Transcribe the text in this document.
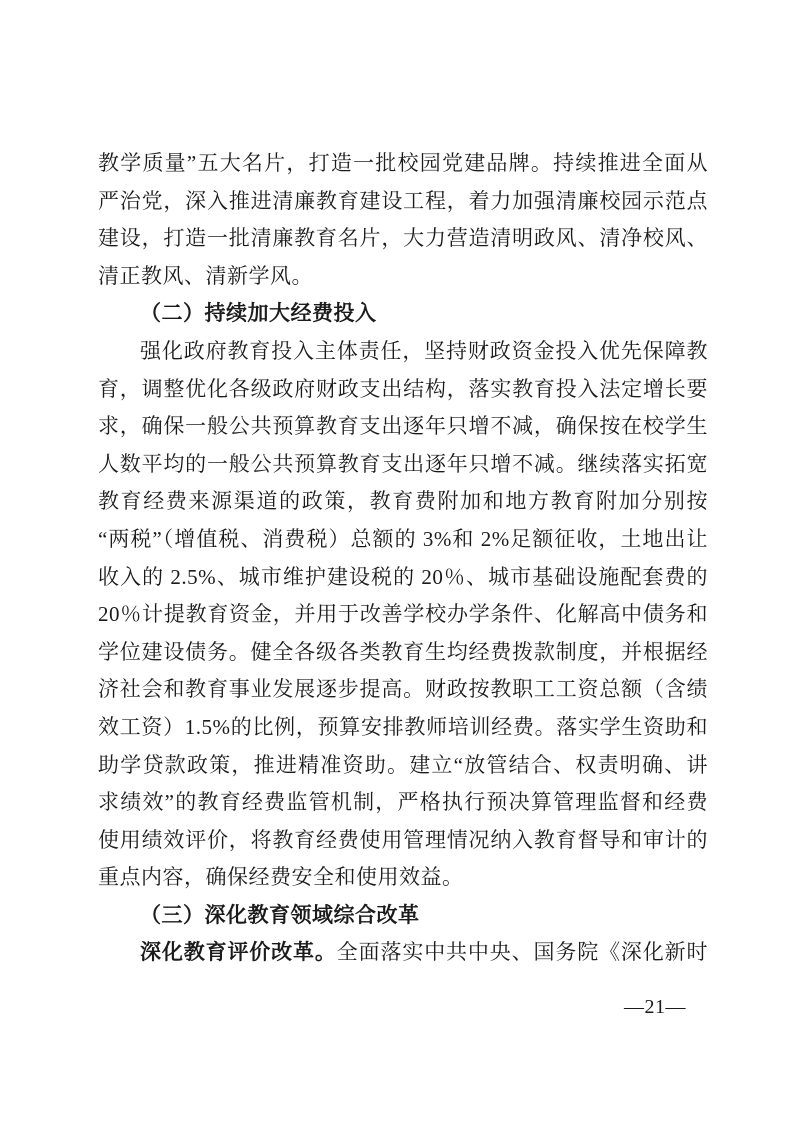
教学质量”五大名片，打造一批校园党建品牌。持续推进全面从
严治党，深入推进清廉教育建设工程，着力加强清廉校园示范点
建设，打造一批清廉教育名片，大力营造清明政风、清净校风、
清正教风、清新学风。
（二）持续加大经费投入
强化政府教育投入主体责任，坚持财政资金投入优先保障教
育，调整优化各级政府财政支出结构，落实教育投入法定增长要
求，确保一般公共预算教育支出逐年只增不减，确保按在校学生
人数平均的一般公共预算教育支出逐年只增不减。继续落实拓宽
教育经费来源渠道的政策，教育费附加和地方教育附加分别按
“两税”（增值税、消费税）总额的 3%和 2%足额征收，土地出让
收入的 2.5%、城市维护建设税的 20％、城市基础设施配套费的
20％计提教育资金，并用于改善学校办学条件、化解高中债务和
学位建设债务。健全各级各类教育生均经费拨款制度，并根据经
济社会和教育事业发展逐步提高。财政按教职工工资总额（含绩
效工资）1.5%的比例，预算安排教师培训经费。落实学生资助和
助学贷款政策，推进精准资助。建立“放管结合、权责明确、讲
求绩效”的教育经费监管机制，严格执行预决算管理监督和经费
使用绩效评价，将教育经费使用管理情况纳入教育督导和审计的
重点内容，确保经费安全和使用效益。
（三）深化教育领域综合改革
深化教育评价改革。全面落实中共中央、国务院《深化新时
—21—
